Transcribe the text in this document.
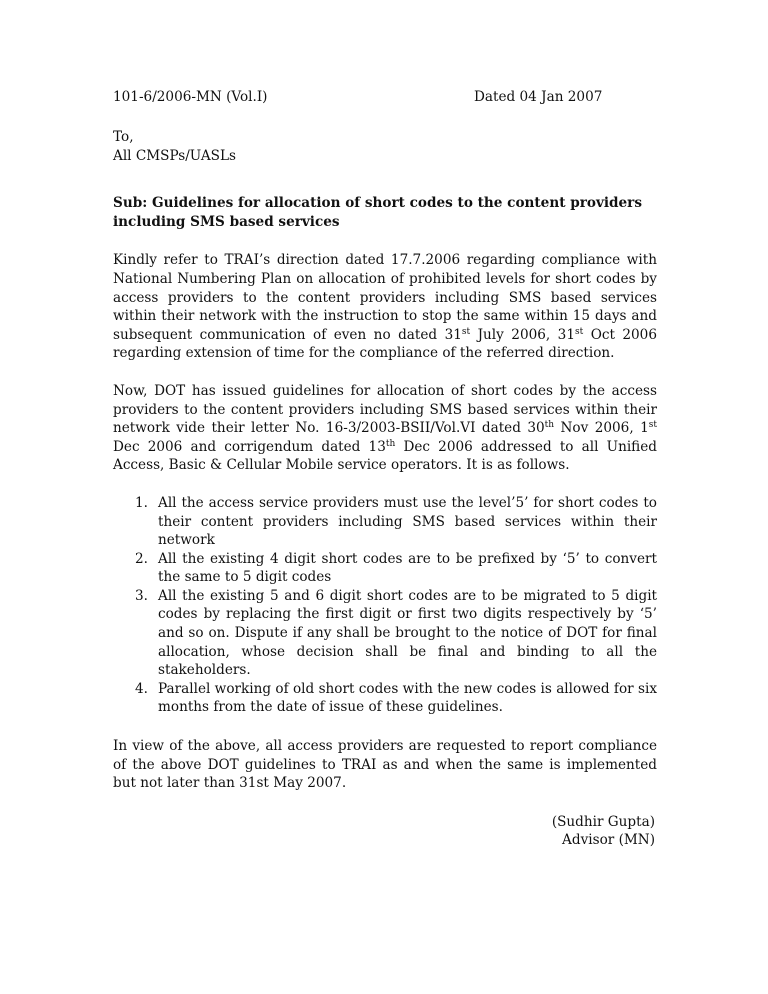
101-6/2006-MN (Vol.I)	Dated 04 Jan 2007
To,
All CMSPs/UASLs
Sub: Guidelines for allocation of short codes to the content providers
including SMS based services

Kindly refer to TRAI’s direction dated 17.7.2006 regarding compliance with National Numbering Plan on allocation of prohibited levels for short codes by access providers to the content providers including SMS based services within their network with the instruction to stop the same within 15 days and subsequent communication of even no dated 31st July 2006, 31st Oct 2006 regarding extension of time for the compliance of the referred direction.

Now, DOT has issued guidelines for allocation of short codes by the access providers to the content providers including SMS based services within their network vide their letter No. 16-3/2003-BSII/Vol.VI dated 30th Nov 2006, 1st Dec 2006 and corrigendum dated 13th Dec 2006 addressed to all Unified Access, Basic & Cellular Mobile service operators. It is as follows.

1. All the access service providers must use the level’5’ for short codes to their content providers including SMS based services within their network
2. All the existing 4 digit short codes are to be prefixed by ‘5’ to convert the same to 5 digit codes
3. All the existing 5 and 6 digit short codes are to be migrated to 5 digit codes by replacing the first digit or first two digits respectively by ‘5’ and so on. Dispute if any shall be brought to the notice of DOT for final allocation, whose decision shall be final and binding to all the stakeholders.
4. Parallel working of old short codes with the new codes is allowed for six months from the date of issue of these guidelines.
In view of the above, all access providers are requested to report compliance of the above DOT guidelines to TRAI as and when the same is implemented but not later than 31st May 2007.
(Sudhir Gupta)
Advisor (MN)
